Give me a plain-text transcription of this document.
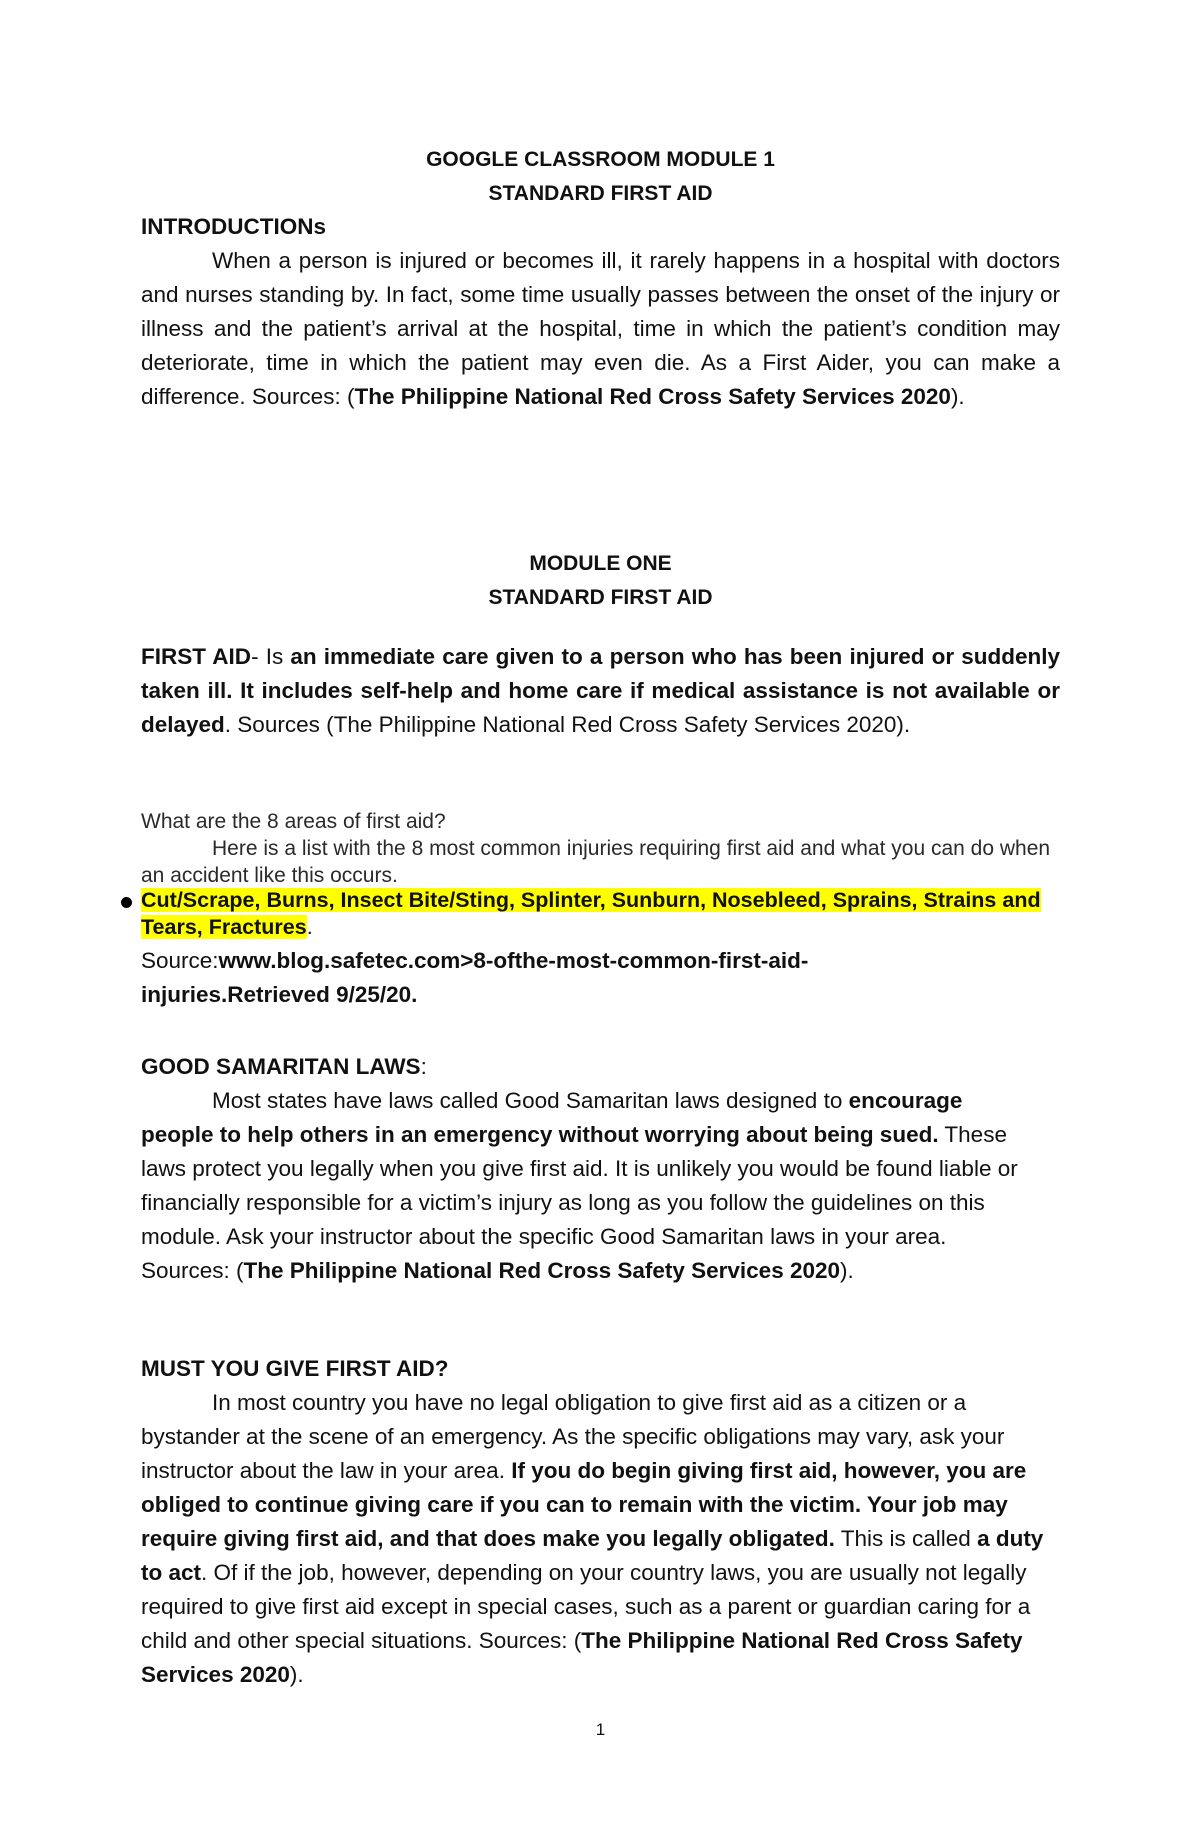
GOOGLE CLASSROOM MODULE 1
STANDARD FIRST AID
INTRODUCTIONs
When a person is injured or becomes ill, it rarely happens in a hospital with doctors and nurses standing by. In fact, some time usually passes between the onset of the injury or illness and the patient’s arrival at the hospital, time in which the patient’s condition may deteriorate, time in which the patient may even die. As a First Aider, you can make a difference. Sources: (The Philippine National Red Cross Safety Services 2020).
MODULE ONE
STANDARD FIRST AID
FIRST AID- Is an immediate care given to a person who has been injured or suddenly taken ill. It includes self-help and home care if medical assistance is not available or delayed. Sources (The Philippine National Red Cross Safety Services 2020).
What are the 8 areas of first aid?
Here is a list with the 8 most common injuries requiring first aid and what you can do when an accident like this occurs.
Cut/Scrape, Burns, Insect Bite/Sting, Splinter, Sunburn, Nosebleed, Sprains, Strains and Tears, Fractures.
Source:www.blog.safetec.com>8-ofthe-most-common-first-aid-injuries.Retrieved 9/25/20.
GOOD SAMARITAN LAWS:
Most states have laws called Good Samaritan laws designed to encourage people to help others in an emergency without worrying about being sued. These laws protect you legally when you give first aid. It is unlikely you would be found liable or financially responsible for a victim’s injury as long as you follow the guidelines on this module. Ask your instructor about the specific Good Samaritan laws in your area. Sources: (The Philippine National Red Cross Safety Services 2020).
MUST YOU GIVE FIRST AID?
In most country you have no legal obligation to give first aid as a citizen or a bystander at the scene of an emergency. As the specific obligations may vary, ask your instructor about the law in your area. If you do begin giving first aid, however, you are obliged to continue giving care if you can to remain with the victim. Your job may require giving first aid, and that does make you legally obligated. This is called a duty to act. Of if the job, however, depending on your country laws, you are usually not legally required to give first aid except in special cases, such as a parent or guardian caring for a child and other special situations. Sources: (The Philippine National Red Cross Safety Services 2020).
1
